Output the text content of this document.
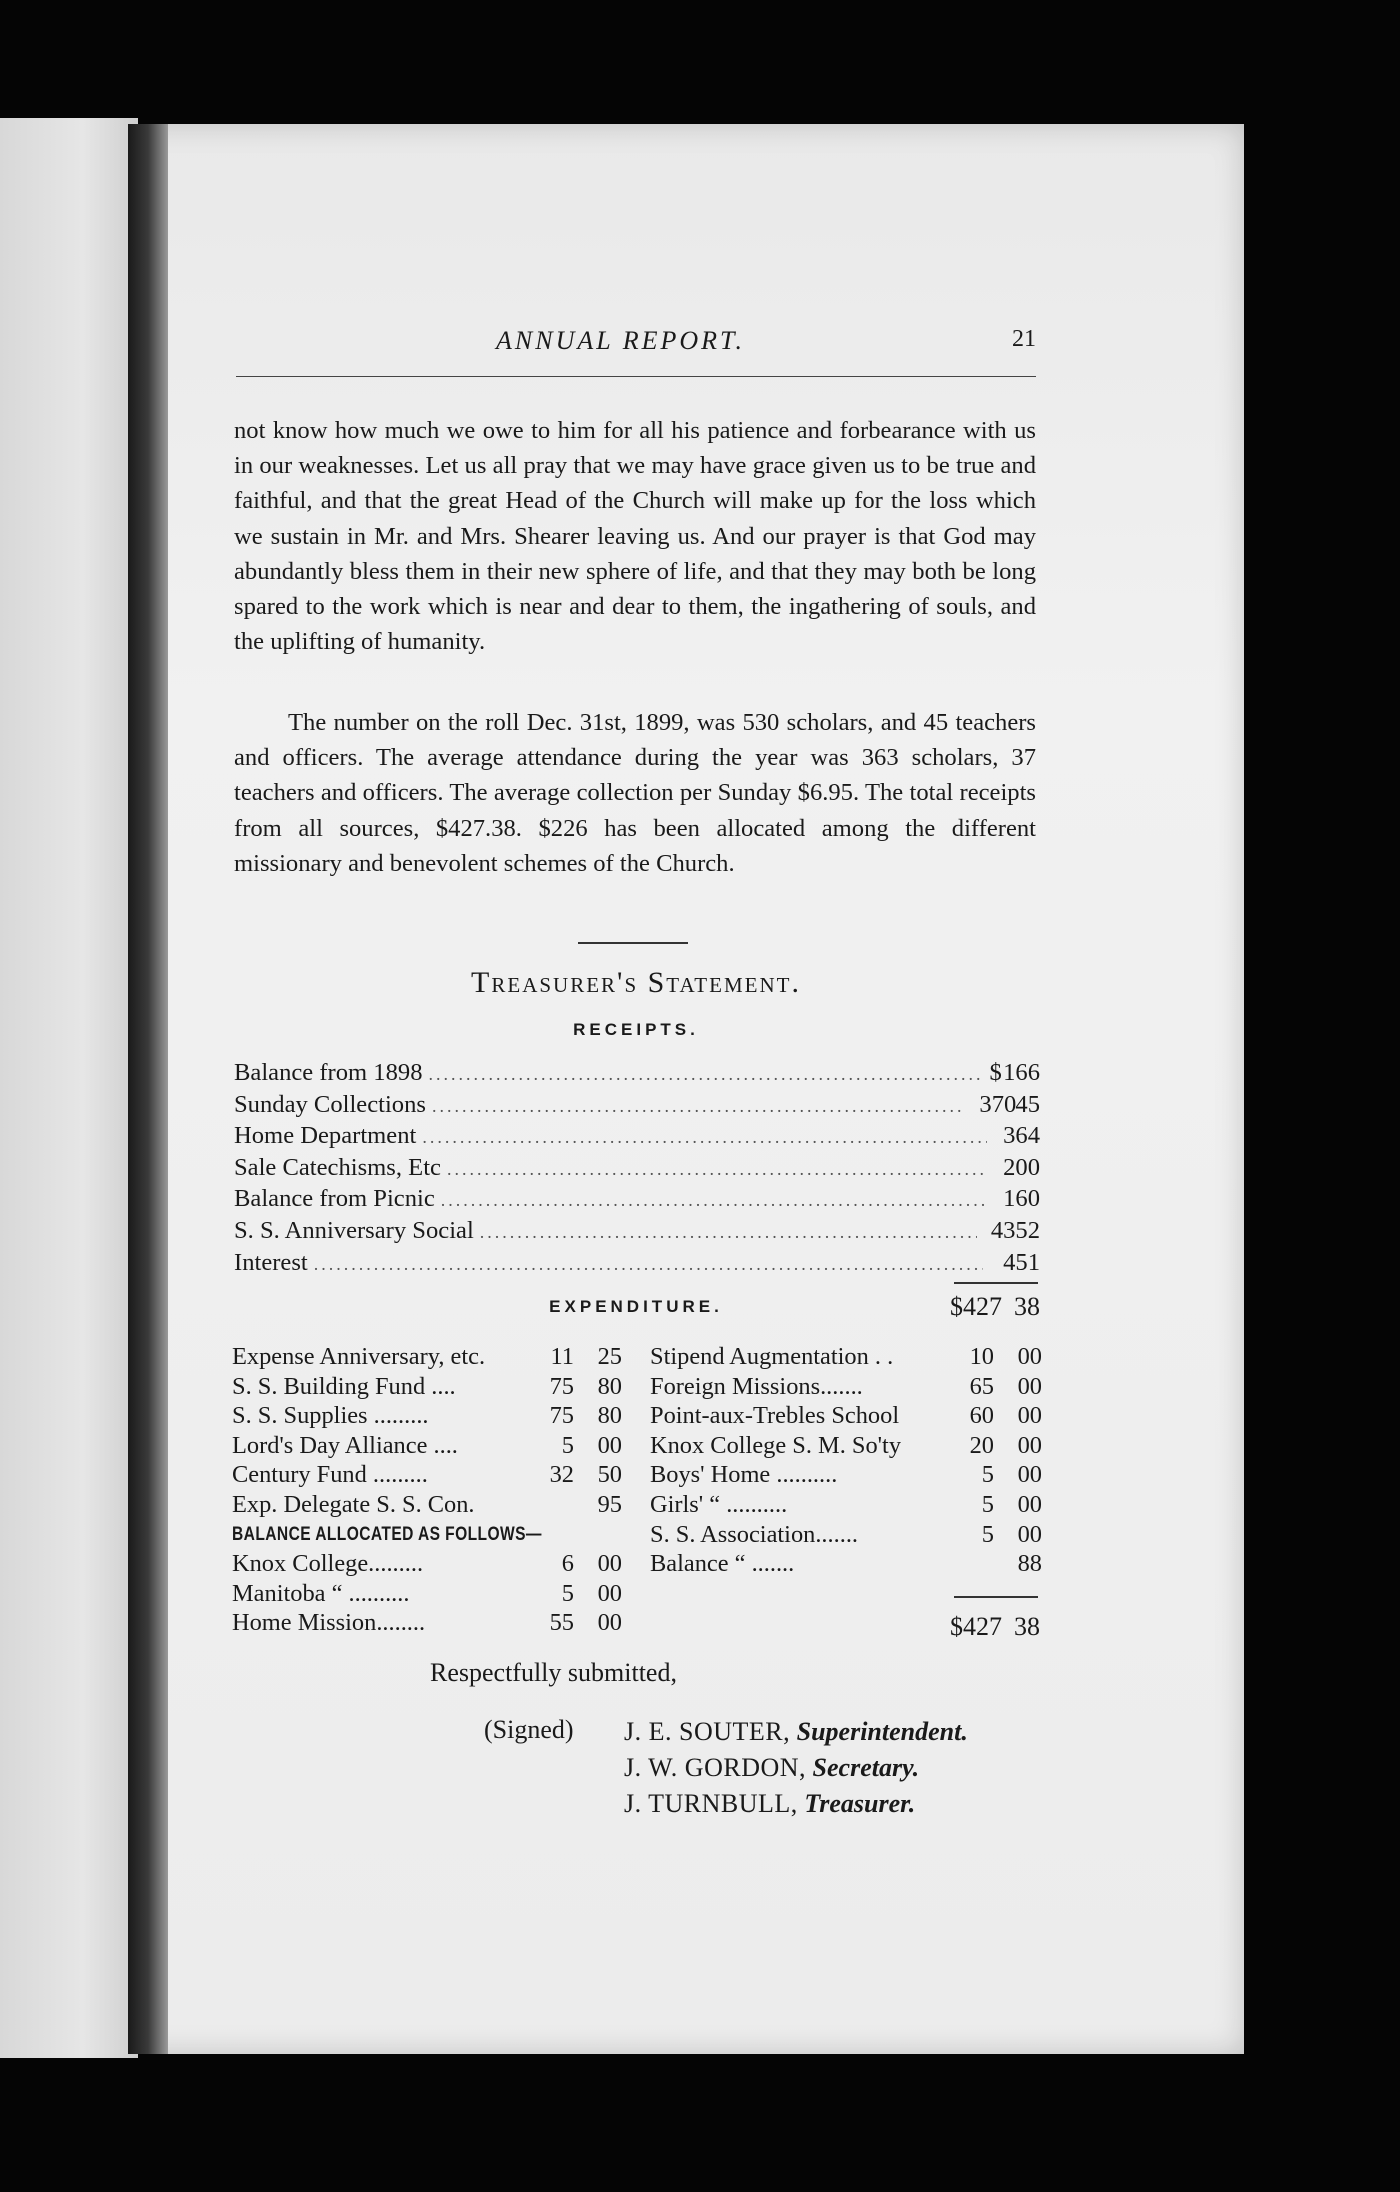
ANNUAL REPORT.	21

not know how much we owe to him for all his patience and forbearance with us in our weaknesses. Let us all pray that we may have grace given us to be true and faithful, and that the great Head of the Church will make up for the loss which we sustain in Mr. and Mrs. Shearer leaving us. And our prayer is that God may abundantly bless them in their new sphere of life, and that they may both be long spared to the work which is near and dear to them, the ingathering of souls, and the uplifting of humanity.

The number on the roll Dec. 31st, 1899, was 530 scholars, and 45 teachers and officers. The average attendance during the year was 363 scholars, 37 teachers and officers. The average collection per Sunday $6.95. The total receipts from all sources, $427.38. $226 has been allocated among the different missionary and benevolent schemes of the Church.

Treasurer's Statement.
RECEIPTS.
Balance from 1898 .....	$ 1 66
Sunday Collections .....	370 45
Home Department .....	3 64
Sale Catechisms, Etc .....	2 00
Balance from Picnic .....	1 60
S. S. Anniversary Social .....	43 52
Interest .....	4 51
EXPENDITURE.	$427 38
Expense Anniversary, etc.	11 25
S. S. Building Fund ....	75 80
S. S. Supplies .........	75 80
Lord's Day Alliance ....	5 00
Century Fund .........	32 50
Exp. Delegate S. S. Con.	95
BALANCE ALLOCATED AS FOLLOWS—
Knox College.........	6 00
Manitoba “ ..........	5 00
Home Mission........	55 00
Stipend Augmentation . .	10 00
Foreign Missions.......	65 00
Point-aux-Trebles School	60 00
Knox College S. M. So'ty	20 00
Boys' Home ..........	5 00
Girls' “ ..........	5 00
S. S. Association.......	5 00
Balance “ .......	88
$427 38
Respectfully submitted,
(Signed) J. E. SOUTER, Superintendent.
J. W. GORDON, Secretary.
J. TURNBULL, Treasurer.
